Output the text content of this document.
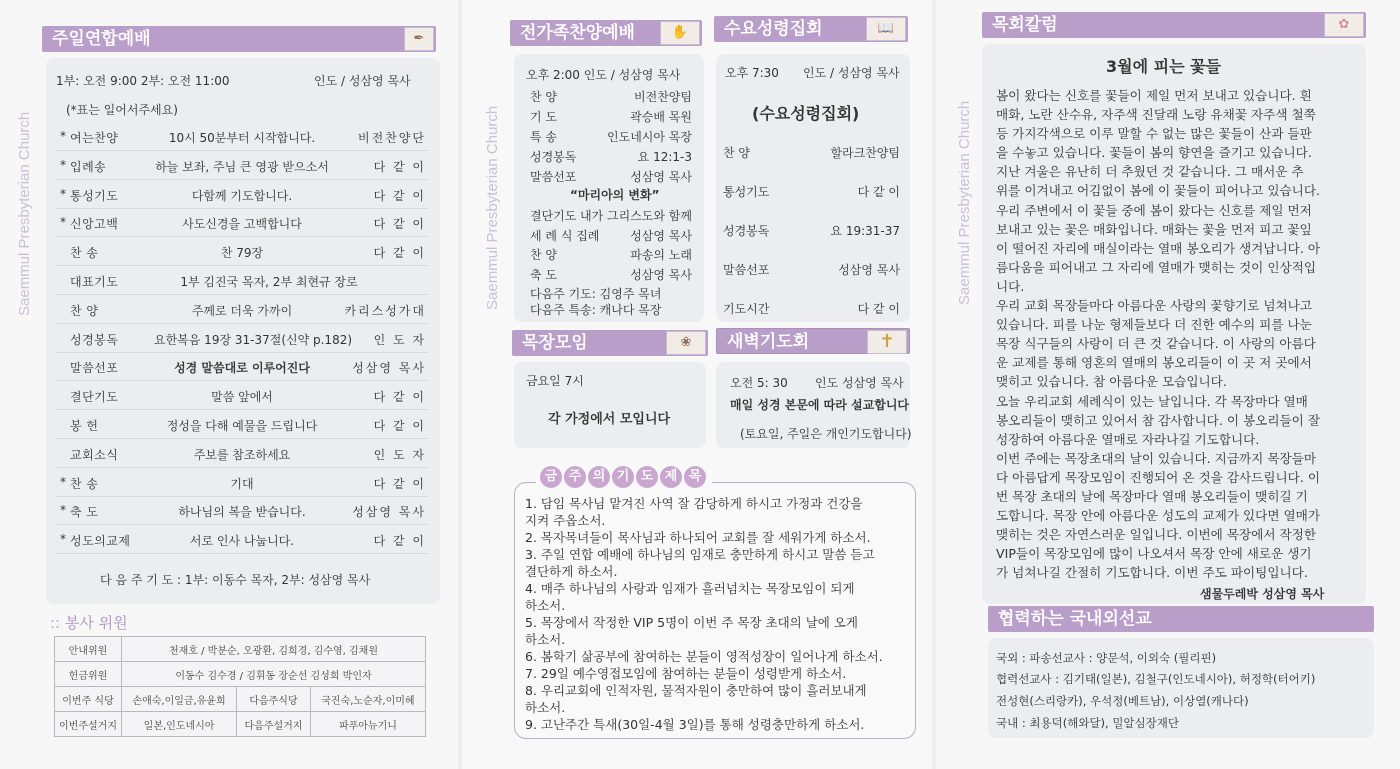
Saemmul Presbyterian Church	Saemmul Presbyterian Church	Saemmul Presbyterian Church
주일연합예배	✒
1부: 오전 9:00 2부: 오전 11:00	인도 / 성삼영 목사
(*표는 일어서주세요)
* 여는찬양	10시 50분부터 시작합니다.	비전찬양단
* 입례송	하늘 보좌, 주님 큰 영광 받으소서	다 같 이
* 통성기도	다함께 기도합니다.	다 같 이
* 신앙고백	사도신경을 고백합니다	다 같 이
찬 송	찬 79장	다 같 이
대표기도	1부 김진국 목자, 2부 최현규 장로
찬 양	주께로 더욱 가까이	카리스성가대
성경봉독	요한복음 19장 31-37절(신약 p.182) 인 도 자
말씀선포	성경 말씀대로 이루어진다	성삼영 목사
결단기도	말씀 앞에서	다 같 이
봉 헌	정성을 다해 예물을 드립니다	다 같 이
교회소식	주보를 참조하세요	인 도 자
* 찬 송	기대	다 같 이
* 축 도	하나님의 복을 받습니다.	성삼영 목사
* 성도의교제	서로 인사 나눕니다.	다 같 이
다 음 주 기 도 : 1부: 이동수 목자, 2부: 성삼영 목사
:: 봉사 위원
안내위원	천재호 / 박분순, 오광환, 김희경, 김수영, 김채원		
헌금위원	이동수 김수경 / 김휘동 장순선 김성희 박인자		
이번주 식당	손애숙,이일금,유윤희	다음주식당	국진숙,노순자,이미혜
이번주설거지	일본,인도네시아	다음주설거지	파푸아뉴기니
전가족찬양예배	✋
오후 2:00 인도 / 성삼영 목사
찬 양	비전찬양팀
기 도	곽승배 목원
특 송	인도네시아 목장
성경봉독	요 12:1-3
말씀선포	성삼영 목사
결단기도 내가 그리스도와 함께
세 례 식 집례	성삼영 목사
찬 양	파송의 노래
축 도	성삼영 목사
“마리아의 변화”
다음주 기도: 김영주 목녀
다음주 특송: 캐나다 목장
수요성령집회	📖
오후 7:30 인도 / 성삼영 목사
(수요성령집회)
찬 양	할라크찬양팀
통성기도	다 같 이
성경봉독	요 19:31-37
말씀선포	성삼영 목사
기도시간	다 같 이
목장모임	❀
금요일 7시
각 가정에서 모입니다
새벽기도회	✝
오전 5: 30 인도 성삼영 목사
매일 성경 본문에 따라 설교합니다
(토요일, 주일은 개인기도합니다)
1. 담임 목사님 맡겨진 사역 잘 감당하게 하시고 가정과 건강을
지켜 주옵소서.
2. 목자목녀들이 목사님과 하나되어 교회를 잘 세워가게 하소서.
3. 주일 연합 예배에 하나님의 임재로 충만하게 하시고 말씀 듣고
결단하게 하소서.
4. 매주 하나님의 사랑과 임재가 흘러넘치는 목장모임이 되게
하소서.
5. 목장에서 작정한 VIP 5명이 이번 주 목장 초대의 날에 오게
하소서.
6. 봄학기 삶공부에 참여하는 분들이 영적성장이 일어나게 하소서.
7. 29일 예수영접모임에 참여하는 분들이 성령받게 하소서.
8. 우리교회에 인적자원, 물적자원이 충만하여 많이 흘러보내게
하소서.
9. 고난주간 특새(30일-4월 3일)를 통해 성령충만하게 하소서.
금 주 의 기 도 제 목
목회칼럼	✿
3월에 피는 꽃들

봄이 왔다는 신호를 꽃들이 제일 먼저 보내고 있습니다. 흰

매화, 노란 산수유, 자주색 진달래 노랑 유채꽃 자주색 철쭉

등 가지각색으로 이루 말할 수 없는 많은 꽃들이 산과 들판

을 수놓고 있습니다. 꽃들이 봄의 향연을 즐기고 있습니다.

지난 겨울은 유난히 더 추웠던 것 같습니다. 그 매서운 추

위를 이겨내고 어김없이 봄에 이 꽃들이 피어나고 있습니다.

우리 주변에서 이 꽃들 중에 봄이 왔다는 신호를 제일 먼저

보내고 있는 꽃은 매화입니다. 매화는 꽃을 먼저 피고 꽃잎

이 떨어진 자리에 매실이라는 열매 봉오리가 생겨납니다. 아

름다움을 피어내고 그 자리에 열매가 맺히는 것이 인상적입

니다.

우리 교회 목장들마다 아름다운 사랑의 꽃향기로 넘쳐나고

있습니다. 피를 나눈 형제들보다 더 진한 예수의 피를 나눈

목장 식구들의 사랑이 더 큰 것 같습니다. 이 사랑의 아름다

운 교제를 통해 영혼의 열매의 봉오리들이 이 곳 저 곳에서

맺히고 있습니다. 참 아름다운 모습입니다.

오늘 우리교회 세례식이 있는 날입니다. 각 목장마다 열매

봉오리들이 맺히고 있어서 참 감사합니다. 이 봉오리들이 잘

성장하여 아름다운 열매로 자라나길 기도합니다.

이번 주에는 목장초대의 날이 있습니다. 지금까지 목장들마

다 아름답게 목장모임이 진행되어 온 것을 감사드립니다. 이

번 목장 초대의 날에 목장마다 열매 봉오리들이 맺히길 기

도합니다. 목장 안에 아름다운 성도의 교제가 있다면 열매가

맺히는 것은 자연스러운 일입니다. 이번에 목장에서 작정한

VIP들이 목장모임에 많이 나오셔서 목장 안에 새로운 생기

가 넘쳐나길 간절히 기도합니다. 이번 주도 파이팅입니다.

샘물두레박 성삼영 목사
협력하는 국내외선교
국외 : 파송선교사 : 양문석, 이외숙 (필리핀)
협력선교사 : 김기태(일본), 김철구(인도네시아), 허정학(터어키)
전성현(스리랑카), 우석정(베트남), 이상열(캐나다)
국내 : 최용덕(해와달), 밀알심장재단
